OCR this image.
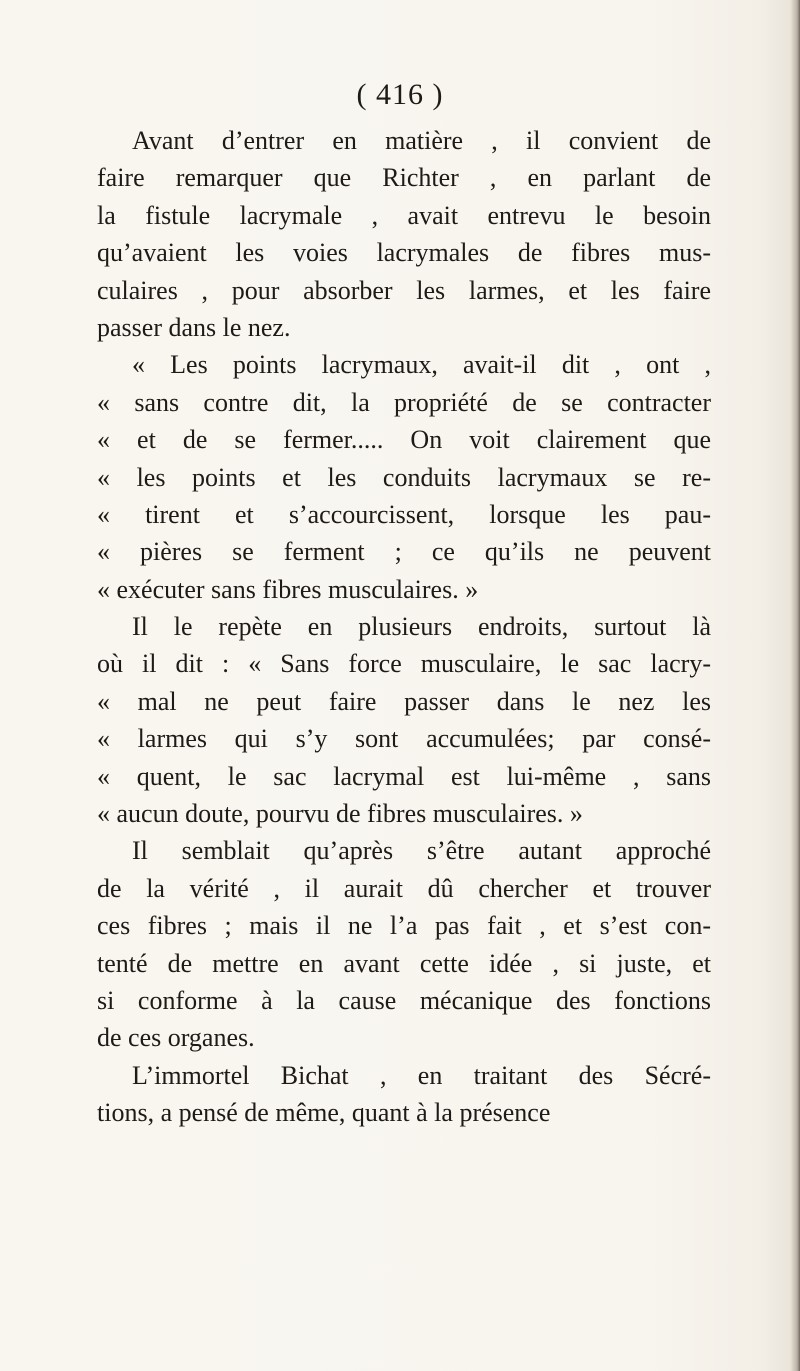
( 416 )
Avant d’entrer en matière , il convient de
faire remarquer que Richter , en parlant de
la fistule lacrymale , avait entrevu le besoin
qu’avaient les voies lacrymales de fibres mus-
culaires , pour absorber les larmes, et les faire
passer dans le nez.
« Les points lacrymaux, avait-il dit , ont ,
« sans contre dit, la propriété de se contracter
« et de se fermer..... On voit clairement que
« les points et les conduits lacrymaux se re-
« tirent et s’accourcissent, lorsque les pau-
« pières se ferment ; ce qu’ils ne peuvent
« exécuter sans fibres musculaires. »
Il le repète en plusieurs endroits, surtout là
où il dit : « Sans force musculaire, le sac lacry-
« mal ne peut faire passer dans le nez les
« larmes qui s’y sont accumulées; par consé-
« quent, le sac lacrymal est lui-même , sans
« aucun doute, pourvu de fibres musculaires. »
Il semblait qu’après s’être autant approché
de la vérité , il aurait dû chercher et trouver
ces fibres ; mais il ne l’a pas fait , et s’est con-
tenté de mettre en avant cette idée , si juste, et
si conforme à la cause mécanique des fonctions
de ces organes.
L’immortel Bichat , en traitant des Sécré-
tions, a pensé de même, quant à la présence
